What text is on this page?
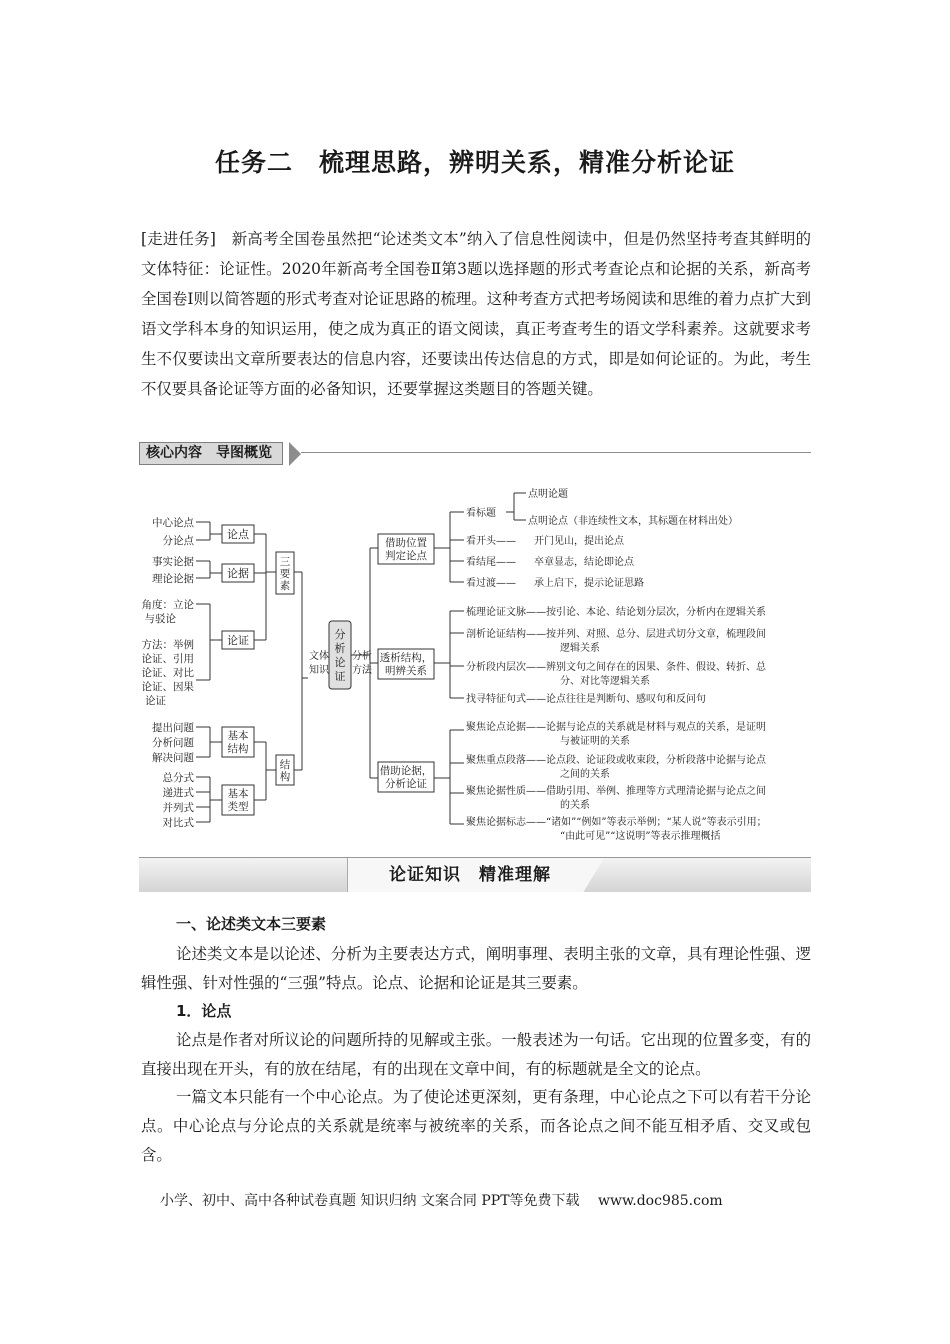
任务二　梳理思路，辨明关系，精准分析论证

[走进任务]　新高考全国卷虽然把“论述类文本”纳入了信息性阅读中，但是仍然坚持考查其鲜明的文体特征：论证性。2020年新高考全国卷Ⅱ第3题以选择题的形式考查论点和论据的关系，新高考全国卷Ⅰ则以简答题的形式考查对论证思路的梳理。这种考查方式把考场阅读和思维的着力点扩大到语文学科本身的知识运用，使之成为真正的语文阅读，真正考查考生的语文学科素养。这就要求考生不仅要读出文章所要表达的信息内容，还要读出传达信息的方式，即是如何论证的。为此，考生不仅要具备论证等方面的必备知识，还要掌握这类题目的答题关键。

核心内容　导图概览
中心论点
分论点
事实论据
理论论据
角度：立论
与驳论
方法：举例
论证、引用
论证、对比
论证、因果
论证
提出问题
分析问题
解决问题
总分式
递进式
并列式
对比式
论点
论据
论证
基本
结构
基本
类型
三
要
素
结
构
文体
知识
分
析
论
证
分析
方法
借助位置
判定论点
透析结构，
明辨关系
借助论据，
分析论证
看标题
点明论题
点明论点（非连续性文本，其标题在材料出处）
看开头—— 开门见山，提出论点
看结尾—— 卒章显志，结论即论点
看过渡—— 承上启下，提示论证思路
梳理论证文脉——按引论、本论、结论划分层次，分析内在逻辑关系
剖析论证结构——按并列、对照、总分、层进式切分文章，梳理段间
逻辑关系
分析段内层次——辨别文句之间存在的因果、条件、假设、转折、总
分、对比等逻辑关系
找寻特征句式——论点往往是判断句、感叹句和反问句
聚焦论点论据——论据与论点的关系就是材料与观点的关系，是证明
与被证明的关系
聚焦重点段落——论点段、论证段或收束段，分析段落中论据与论点
之间的关系
聚焦论据性质——借助引用、举例、推理等方式理清论据与论点之间
的关系
聚焦论据标志——“诸如”“例如”等表示举例；“某人说”等表示引用；
“由此可见”“这说明”等表示推理概括
论证知识　精准理解
一、论述类文本三要素

论述类文本是以论述、分析为主要表达方式，阐明事理、表明主张的文章，具有理论性强、逻辑性强、针对性强的“三强”特点。论点、论据和论证是其三要素。

1．论点

论点是作者对所议论的问题所持的见解或主张。一般表述为一句话。它出现的位置多变，有的直接出现在开头，有的放在结尾，有的出现在文章中间，有的标题就是全文的论点。

一篇文本只能有一个中心论点。为了使论述更深刻，更有条理，中心论点之下可以有若干分论点。中心论点与分论点的关系就是统率与被统率的关系，而各论点之间不能互相矛盾、交叉或包含。

小学、初中、高中各种试卷真题 知识归纳 文案合同 PPT等免费下载　 www.doc985.com
